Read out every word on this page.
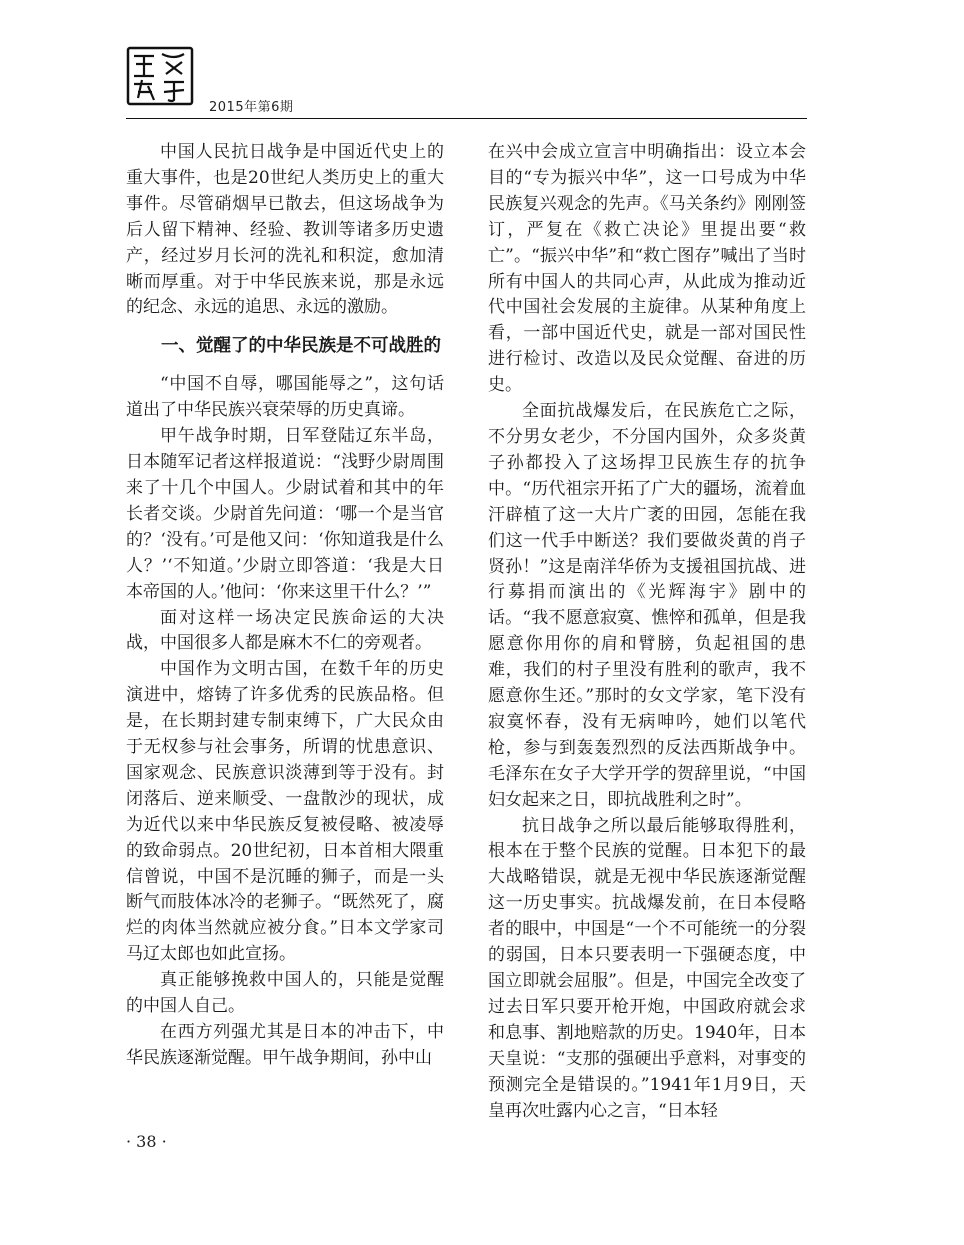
近代史研究所
2015年第6期

中国人民抗日战争是中国近代史上的重大事件，也是20世纪人类历史上的重大事件。尽管硝烟早已散去，但这场战争为后人留下精神、经验、教训等诸多历史遗产，经过岁月长河的洗礼和积淀，愈加清晰而厚重。对于中华民族来说，那是永远的纪念、永远的追思、永远的激励。

一、觉醒了的中华民族是不可战胜的

“中国不自辱，哪国能辱之”，这句话道出了中华民族兴衰荣辱的历史真谛。

甲午战争时期，日军登陆辽东半岛，日本随军记者这样报道说：“浅野少尉周围来了十几个中国人。少尉试着和其中的年长者交谈。少尉首先问道：‘哪一个是当官的？‘没有。’可是他又问：‘你知道我是什么人？’‘不知道。’少尉立即答道：‘我是大日本帝国的人。’他问：‘你来这里干什么？’”

面对这样一场决定民族命运的大决战，中国很多人都是麻木不仁的旁观者。

中国作为文明古国，在数千年的历史演进中，熔铸了许多优秀的民族品格。但是，在长期封建专制束缚下，广大民众由于无权参与社会事务，所谓的忧患意识、国家观念、民族意识淡薄到等于没有。封闭落后、逆来顺受、一盘散沙的现状，成为近代以来中华民族反复被侵略、被凌辱的致命弱点。20世纪初，日本首相大隈重信曾说，中国不是沉睡的狮子，而是一头断气而肢体冰冷的老狮子。“既然死了，腐烂的肉体当然就应被分食。”日本文学家司马辽太郎也如此宣扬。

真正能够挽救中国人的，只能是觉醒的中国人自己。

在西方列强尤其是日本的冲击下，中华民族逐渐觉醒。甲午战争期间，孙中山

在兴中会成立宣言中明确指出：设立本会目的“专为振兴中华”，这一口号成为中华民族复兴观念的先声。《马关条约》刚刚签订，严复在《救亡决论》里提出要“救亡”。“振兴中华”和“救亡图存”喊出了当时所有中国人的共同心声，从此成为推动近代中国社会发展的主旋律。从某种角度上看，一部中国近代史，就是一部对国民性进行检讨、改造以及民众觉醒、奋进的历史。

全面抗战爆发后，在民族危亡之际，不分男女老少，不分国内国外，众多炎黄子孙都投入了这场捍卫民族生存的抗争中。“历代祖宗开拓了广大的疆场，流着血汗辟植了这一大片广袤的田园，怎能在我们这一代手中断送？我们要做炎黄的肖子贤孙！”这是南洋华侨为支援祖国抗战、进行募捐而演出的《光辉海宇》剧中的话。“我不愿意寂寞、憔悴和孤单，但是我愿意你用你的肩和臂膀，负起祖国的患难，我们的村子里没有胜利的歌声，我不愿意你生还。”那时的女文学家，笔下没有寂寞怀春，没有无病呻吟，她们以笔代枪，参与到轰轰烈烈的反法西斯战争中。毛泽东在女子大学开学的贺辞里说，“中国妇女起来之日，即抗战胜利之时”。

抗日战争之所以最后能够取得胜利，根本在于整个民族的觉醒。日本犯下的最大战略错误，就是无视中华民族逐渐觉醒这一历史事实。抗战爆发前，在日本侵略者的眼中，中国是“一个不可能统一的分裂的弱国，日本只要表明一下强硬态度，中国立即就会屈服”。但是，中国完全改变了过去日军只要开枪开炮，中国政府就会求和息事、割地赔款的历史。1940年，日本天皇说：“支那的强硬出乎意料，对事变的预测完全是错误的。”1941年1月9日，天皇再次吐露内心之言，“日本轻

· 38 ·
